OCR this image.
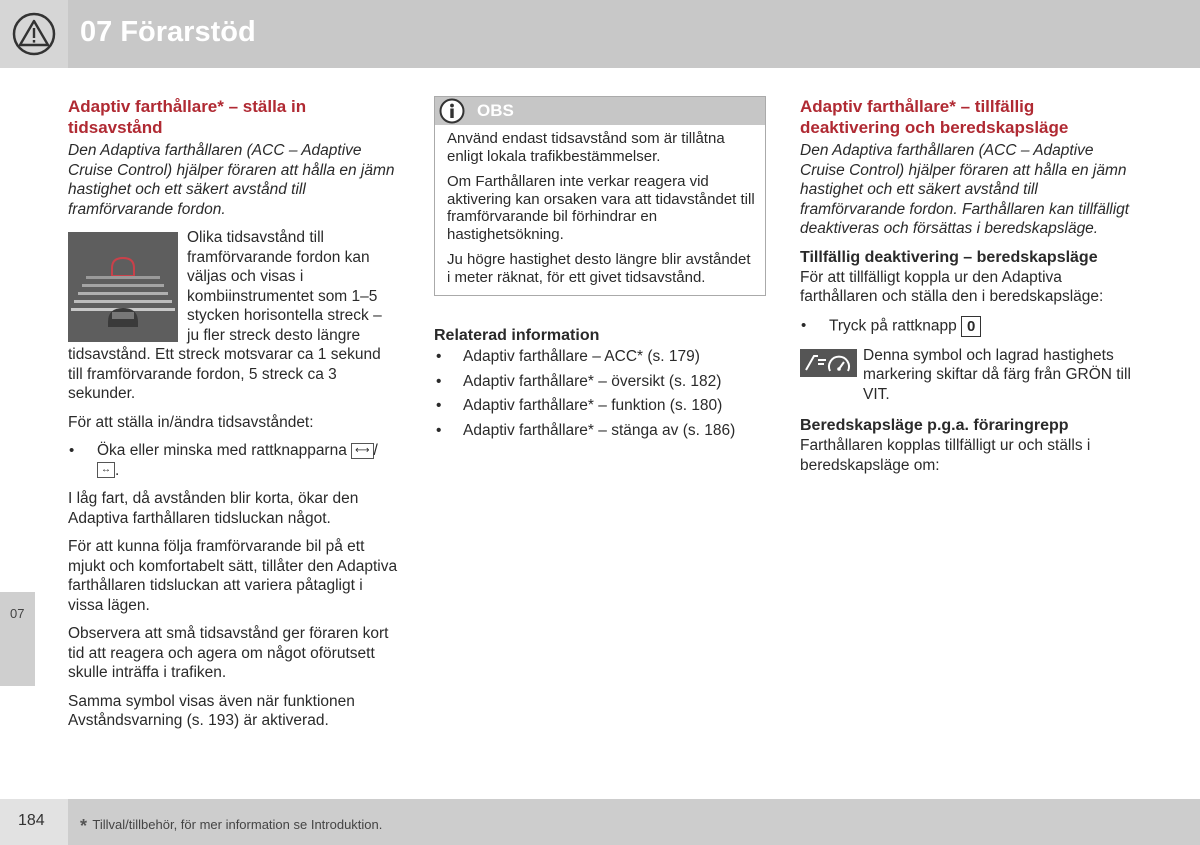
07 Förarstöd
07
Adaptiv farthållare* – ställa in tidsavstånd

Den Adaptiva farthållaren (ACC – Adaptive Cruise Control) hjälper föraren att hålla en jämn hastighet och ett säkert avstånd till framförvarande fordon.

Olika tidsavstånd till framförvarande fordon kan väljas och visas i kombiinstrumentet som 1–5 stycken horisontella streck – ju fler streck desto längre tidsavstånd. Ett streck motsvarar ca 1 sekund till framförvarande fordon, 5 streck ca 3 sekunder.

För att ställa in/ändra tidsavståndet:

• Öka eller minska med rattknapparna ⟷ /
↔ .

I låg fart, då avstånden blir korta, ökar den Adaptiva farthållaren tidsluckan något.

För att kunna följa framförvarande bil på ett mjukt och komfortabelt sätt, tillåter den Adaptiva farthållaren tidsluckan att variera påtagligt i vissa lägen.

Observera att små tidsavstånd ger föraren kort tid att reagera och agera om något oförutsett skulle inträffa i trafiken.

Samma symbol visas även när funktionen Avståndsvarning (s. 193) är aktiverad.

OBS

Använd endast tidsavstånd som är tillåtna enligt lokala trafikbestämmelser.

Om Farthållaren inte verkar reagera vid aktivering kan orsaken vara att tidavståndet till framförvarande bil förhindrar en hastighetsökning.

Ju högre hastighet desto längre blir avståndet i meter räknat, för ett givet tidsavstånd.

Relaterad information
• Adaptiv farthållare – ACC* (s. 179)
• Adaptiv farthållare* – översikt (s. 182)
• Adaptiv farthållare* – funktion (s. 180)
• Adaptiv farthållare* – stänga av (s. 186)
Adaptiv farthållare* – tillfällig deaktivering och beredskapsläge

Den Adaptiva farthållaren (ACC – Adaptive Cruise Control) hjälper föraren att hålla en jämn hastighet och ett säkert avstånd till framförvarande fordon. Farthållaren kan tillfälligt deaktiveras och försättas i beredskapsläge.

Tillfällig deaktivering – beredskapsläge

För att tillfälligt koppla ur den Adaptiva farthållaren och ställa den i beredskapsläge:

• Tryck på rattknapp 0
Denna symbol och lagrad hastighets markering skiftar då färg från GRÖN till VIT.
Beredskapsläge p.g.a. föraringrepp

Farthållaren kopplas tillfälligt ur och ställs i beredskapsläge om:

184 * Tillval/tillbehör, för mer information se Introduktion.
